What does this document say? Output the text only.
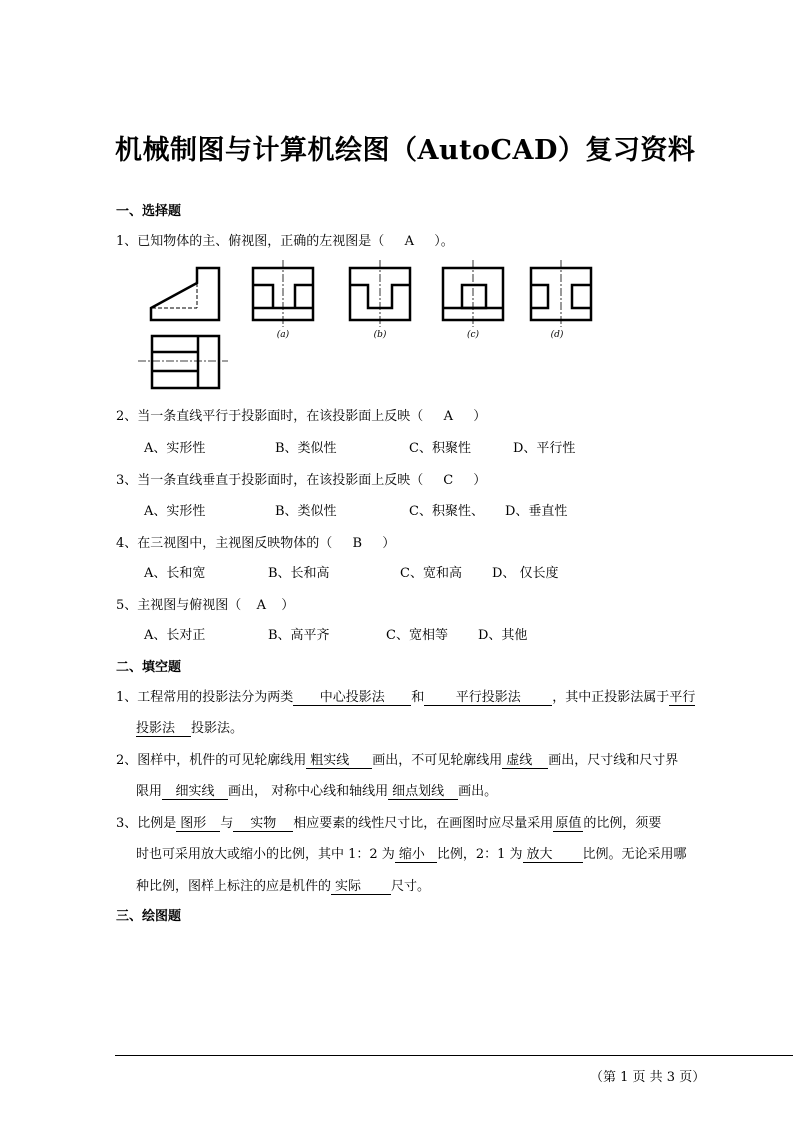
机械制图与计算机绘图（AutoCAD）复习资料
一、选择题
1、已知物体的主、俯视图，正确的左视图是（ A ）。
(a)	(b)	(c)	(d)
2、当一条直线平行于投影面时，在该投影面上反映（ A ）
A、实形性	B、类似性	C、积聚性	D、平行性
3、当一条直线垂直于投影面时，在该投影面上反映（ C ）
A、实形性	B、类似性	C、积聚性、 D、垂直性
4、在三视图中，主视图反映物体的（ B ）
A、长和宽	B、长和高	C、宽和高 D、 仅长度
5、主视图与俯视图（ A ）
A、长对正	B、高平齐	C、宽相等 D、其他
二、填空题
1、工程常用的投影法分为两类 中心投影法 和 平行投影法 ，其中正投影法属于平行
投影法 投影法。
2、图样中，机件的可见轮廓线用 粗实线 画出，不可见轮廓线用 虚线 画出，尺寸线和尺寸界
限用 细实线 画出， 对称中心线和轴线用 细点划线 画出。
3、比例是 图形 与 实物 相应要素的线性尺寸比，在画图时应尽量采用 原值 的比例，须要
时也可采用放大或缩小的比例，其中 1：2 为 缩小 比例，2：1 为 放大 比例。无论采用哪
种比例，图样上标注的应是机件的 实际 尺寸。
三、绘图题
（第 1 页 共 3 页）
